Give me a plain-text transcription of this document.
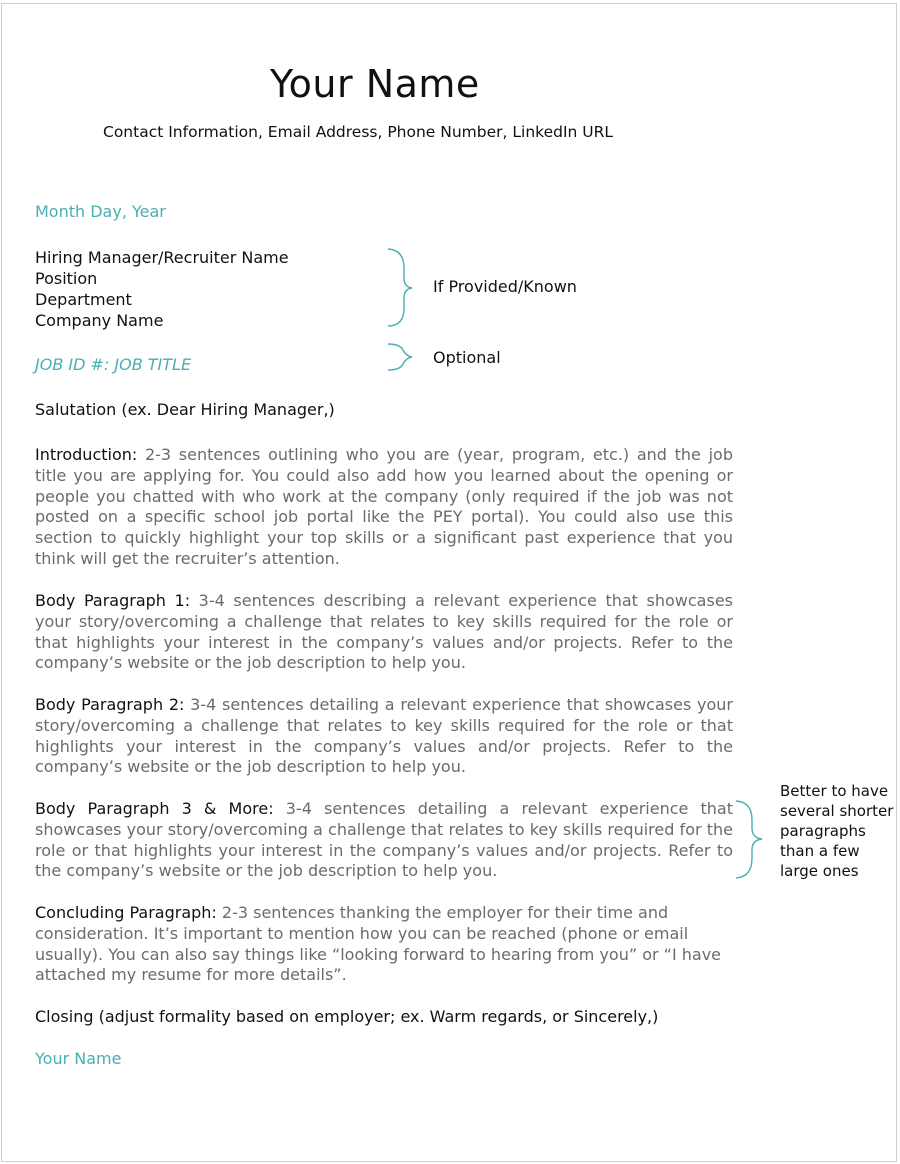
Your Name
Contact Information, Email Address, Phone Number, LinkedIn URL
Month Day, Year
Hiring Manager/Recruiter Name
Position
Department
Company Name
If Provided/Known
JOB ID #: JOB TITLE	Optional
Salutation (ex. Dear Hiring Manager,)
Introduction: 2-3 sentences outlining who you are (year, program, etc.) and the job title you are applying for. You could also add how you learned about the opening or people you chatted with who work at the company (only required if the job was not posted on a specific school job portal like the PEY portal). You could also use this section to quickly highlight your top skills or a significant past experience that you think will get the recruiter’s attention.
Body Paragraph 1: 3-4 sentences describing a relevant experience that showcases your story/overcoming a challenge that relates to key skills required for the role or that highlights your interest in the company’s values and/or projects. Refer to the company’s website or the job description to help you.
Body Paragraph 2: 3-4 sentences detailing a relevant experience that showcases your story/overcoming a challenge that relates to key skills required for the role or that highlights your interest in the company’s values and/or projects. Refer to the company’s website or the job description to help you.
Body Paragraph 3 & More: 3-4 sentences detailing a relevant experience that showcases your story/overcoming a challenge that relates to key skills required for the role or that highlights your interest in the company’s values and/or projects. Refer to the company’s website or the job description to help you.
Better to have several shorter paragraphs than a few large ones
Concluding Paragraph: 2-3 sentences thanking the employer for their time and consideration. It’s important to mention how you can be reached (phone or email usually). You can also say things like “looking forward to hearing from you” or “I have attached my resume for more details”.
Closing (adjust formality based on employer; ex. Warm regards, or Sincerely,)
Your Name
